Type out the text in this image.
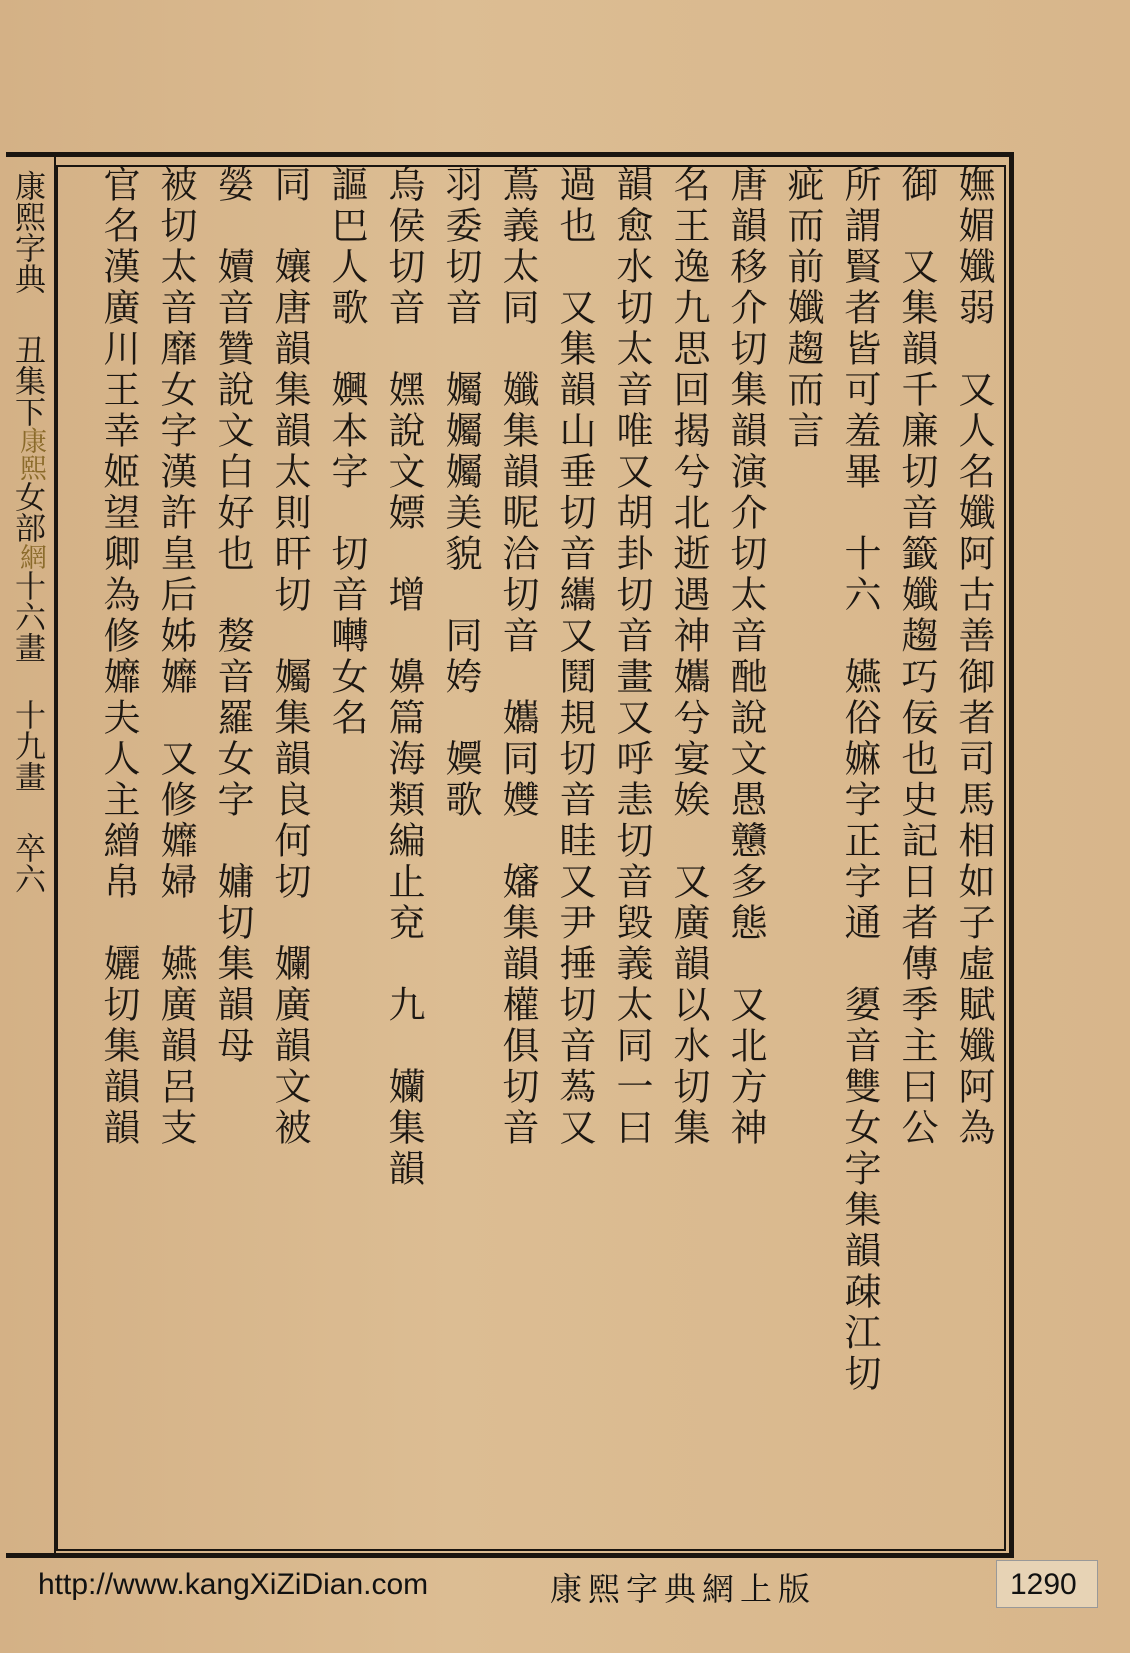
康熙字典
丑集下
康熙
女部
網
十六畫 十九畫
卒六	嫵媚孅弱　又人名孅阿古善御者司馬相如子虛賦孅阿為
御　又集韻千廉切音籤孅趨巧佞也史記日者傳季主曰公
所謂賢者皆可羞畢　十六　嬿俗嫲字正字通　嬃音雙女字集韻疎江切
疵而前孅趨而言
唐韻移介切集韻演介切太音酏說文愚戇多態　又北方神
名王逸九思回揭兮北逝遇神孈兮宴娭　又廣韻以水切集
韻愈水切太音唯又胡卦切音畫又呼恚切音毀義太同一曰
過也　又集韻山垂切音纗又鬩規切音眭又尹捶切音蒍又
蔦義太同　孅集韻昵洽切音　孈同孇　嬸集韻權俱切音
羽委切音　孎孎孎美貌　同姱　嬽歌
烏侯切音　嫼說文嫖　增　嬶篇海類編止兗　九　孏集韻
謳巴人歌　嬹本字　切音囀女名
同　孃唐韻集韻太則旰切　孎集韻良何切　孄廣韻文被
嫈　嬻音贊說文白好也　嫠音羅女字　嫞切集韻母
被切太音靡女字漢許皇后姊孊　又修孊婦　嬿廣韻呂支
官名漢廣川王幸姬望卿為修孊夫人主繒帛　孋切集韻韻
http://www.kangXiZiDian.com	康熙字典網上版	1290
